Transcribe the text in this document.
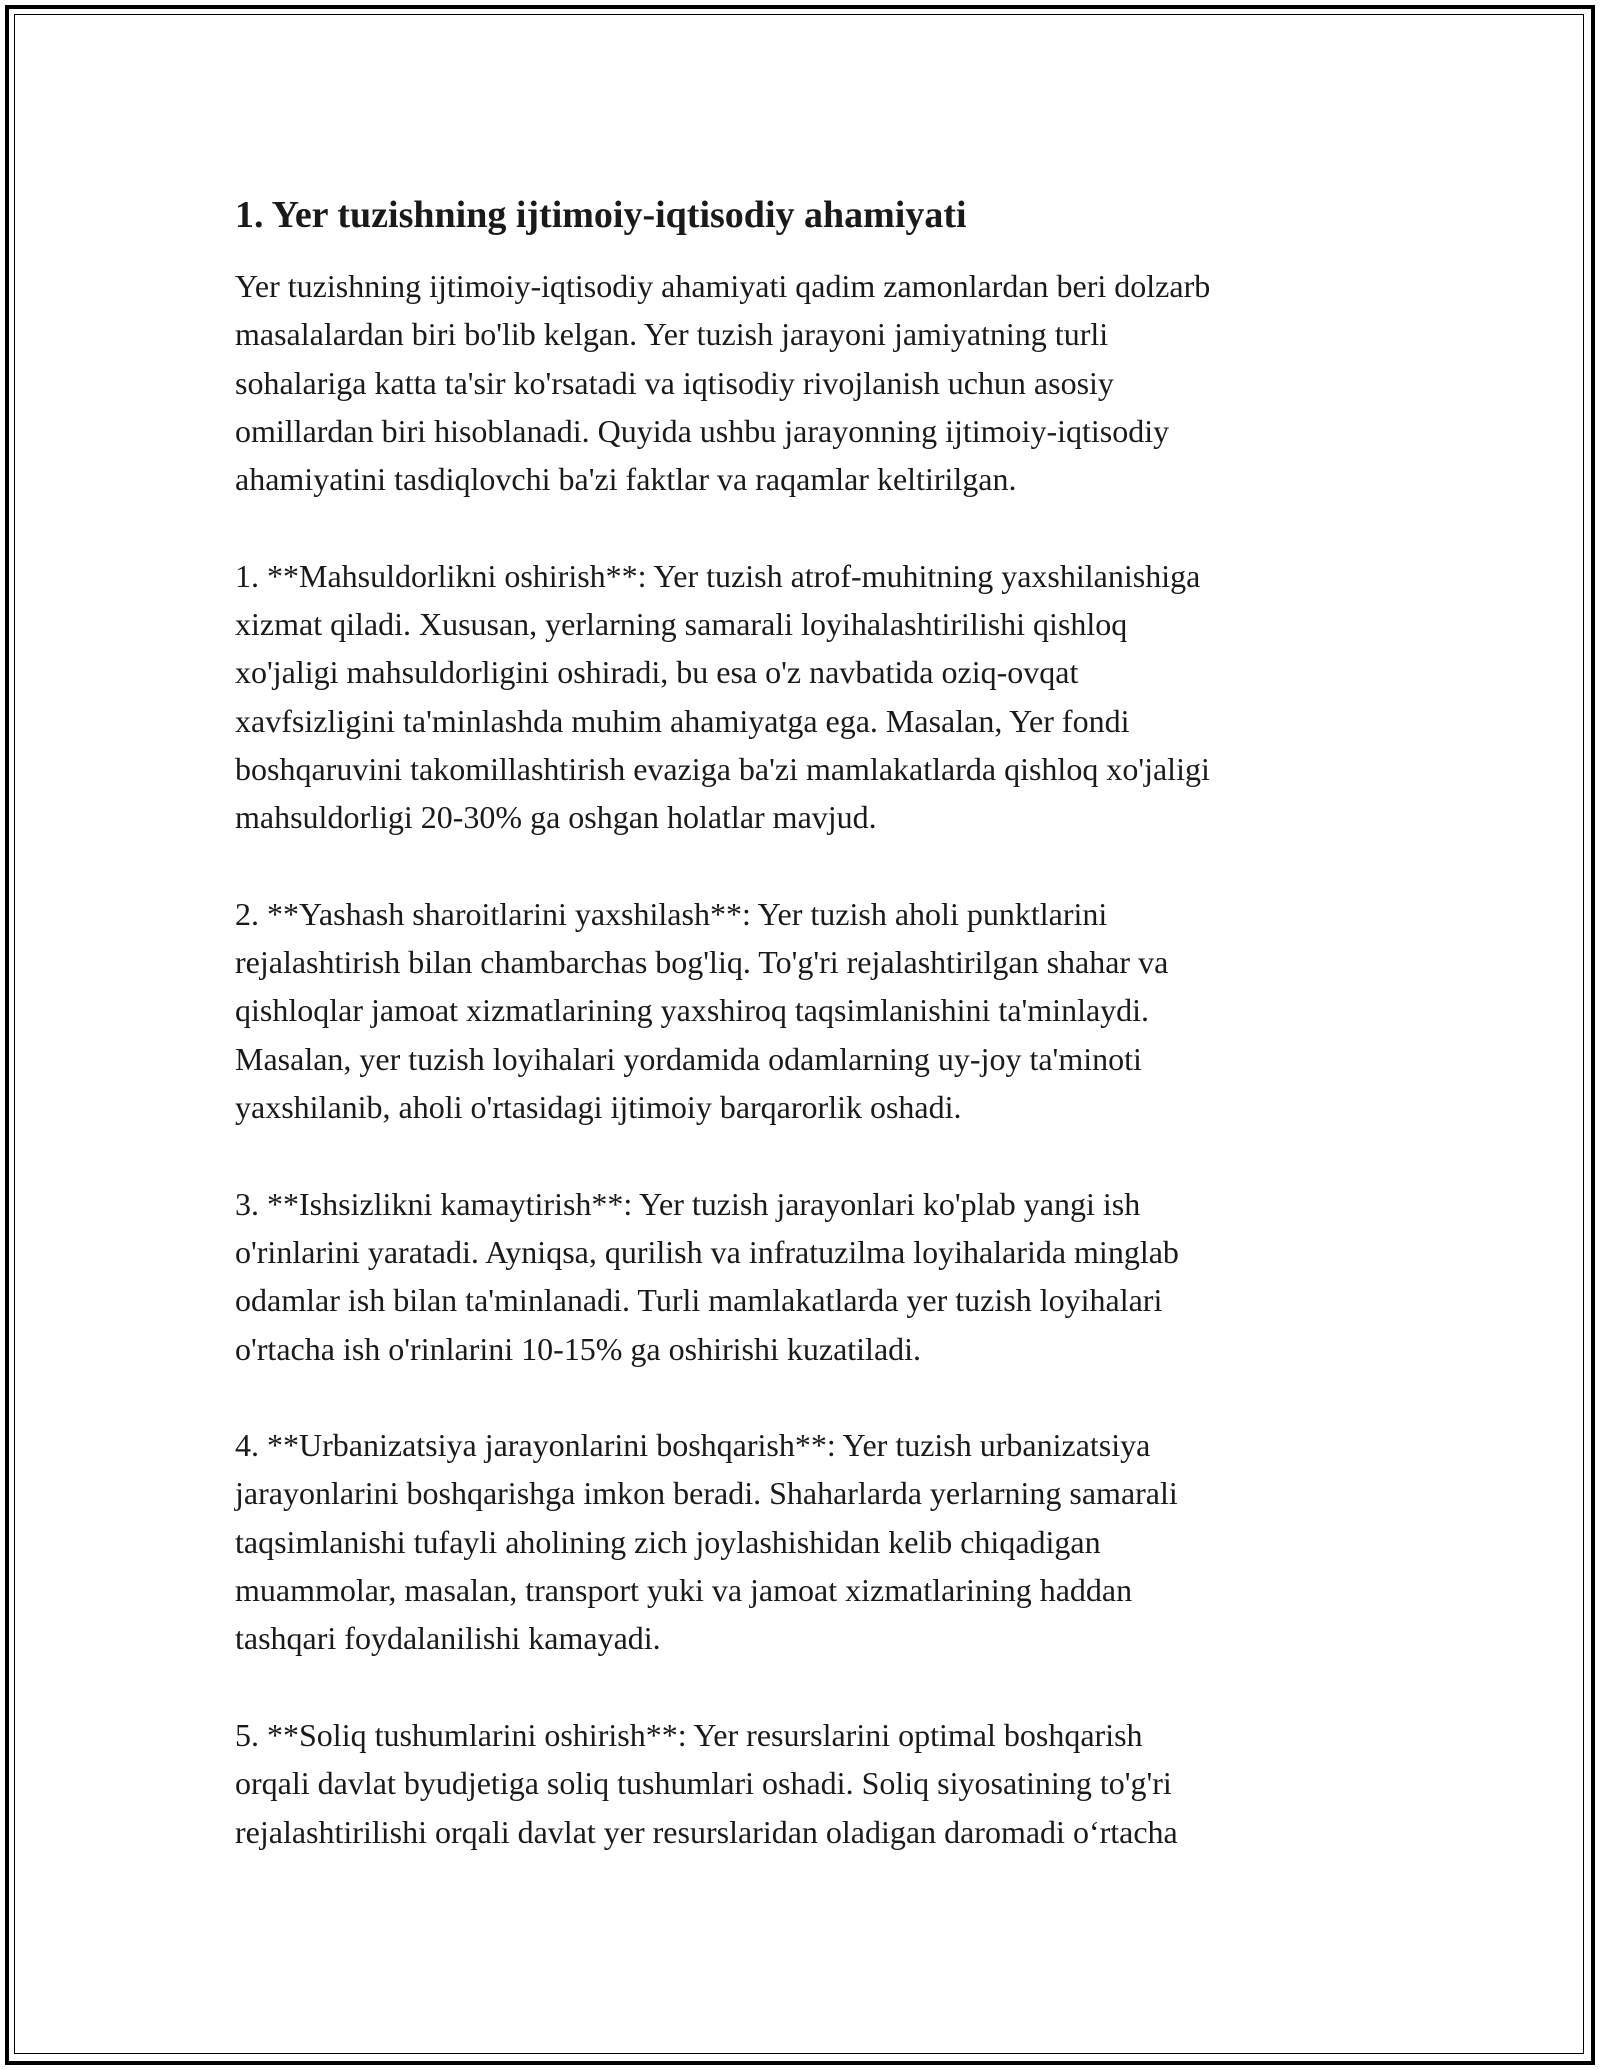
1. Yer tuzishning ijtimoiy-iqtisodiy ahamiyati
Yer tuzishning ijtimoiy-iqtisodiy ahamiyati qadim zamonlardan beri dolzarb
masalalardan biri bo'lib kelgan. Yer tuzish jarayoni jamiyatning turli
sohalariga katta ta'sir ko'rsatadi va iqtisodiy rivojlanish uchun asosiy
omillardan biri hisoblanadi. Quyida ushbu jarayonning ijtimoiy-iqtisodiy
ahamiyatini tasdiqlovchi ba'zi faktlar va raqamlar keltirilgan.
1. **Mahsuldorlikni oshirish**: Yer tuzish atrof-muhitning yaxshilanishiga
xizmat qiladi. Xususan, yerlarning samarali loyihalashtirilishi qishloq
xo'jaligi mahsuldorligini oshiradi, bu esa o'z navbatida oziq-ovqat
xavfsizligini ta'minlashda muhim ahamiyatga ega. Masalan, Yer fondi
boshqaruvini takomillashtirish evaziga ba'zi mamlakatlarda qishloq xo'jaligi
mahsuldorligi 20-30% ga oshgan holatlar mavjud.
2. **Yashash sharoitlarini yaxshilash**: Yer tuzish aholi punktlarini
rejalashtirish bilan chambarchas bog'liq. To'g'ri rejalashtirilgan shahar va
qishloqlar jamoat xizmatlarining yaxshiroq taqsimlanishini ta'minlaydi.
Masalan, yer tuzish loyihalari yordamida odamlarning uy-joy ta'minoti
yaxshilanib, aholi o'rtasidagi ijtimoiy barqarorlik oshadi.
3. **Ishsizlikni kamaytirish**: Yer tuzish jarayonlari ko'plab yangi ish
o'rinlarini yaratadi. Ayniqsa, qurilish va infratuzilma loyihalarida minglab
odamlar ish bilan ta'minlanadi. Turli mamlakatlarda yer tuzish loyihalari
o'rtacha ish o'rinlarini 10-15% ga oshirishi kuzatiladi.
4. **Urbanizatsiya jarayonlarini boshqarish**: Yer tuzish urbanizatsiya
jarayonlarini boshqarishga imkon beradi. Shaharlarda yerlarning samarali
taqsimlanishi tufayli aholining zich joylashishidan kelib chiqadigan
muammolar, masalan, transport yuki va jamoat xizmatlarining haddan
tashqari foydalanilishi kamayadi.
5. **Soliq tushumlarini oshirish**: Yer resurslarini optimal boshqarish
orqali davlat byudjetiga soliq tushumlari oshadi. Soliq siyosatining to'g'ri
rejalashtirilishi orqali davlat yer resurslaridan oladigan daromadi o‘rtacha
